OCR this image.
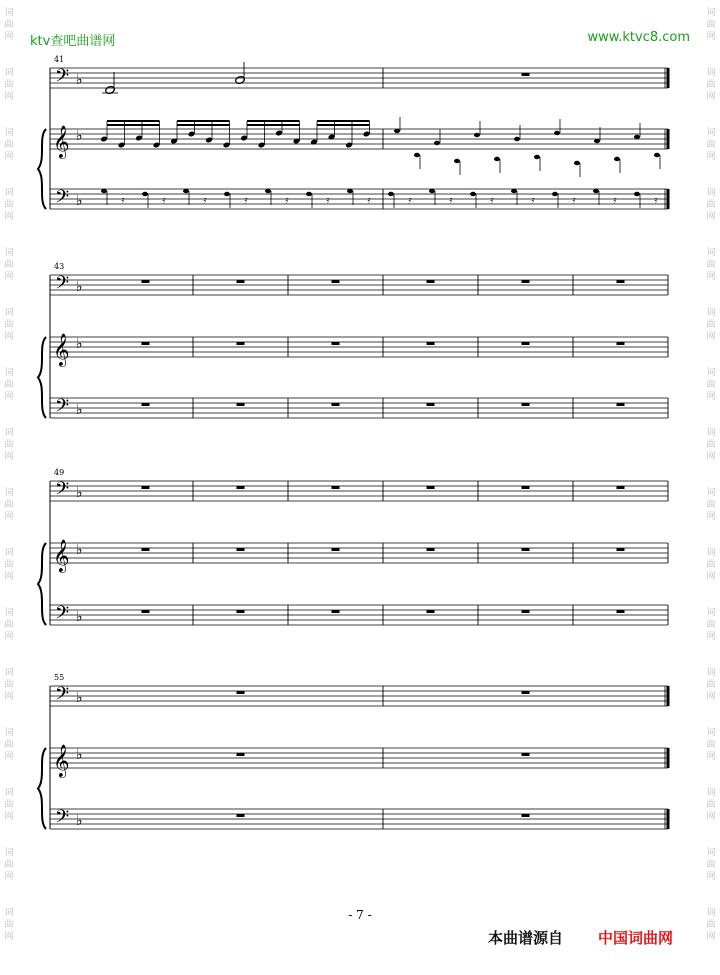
词
曲
网
词
曲
网
词
曲
网
词
曲
网
词
曲
网
词
曲
网
词
曲
网
词
曲
网
词
曲
网
词
曲
网
词
曲
网
词
曲
网
词
曲
网
词
曲
网
词
曲
网
词
曲
网
词
曲
网
词
曲
网
词
曲
网
词
曲
网
词
曲
网
词
曲
网
词
曲
网
词
曲
网
词
曲
网
词
曲
网
词
曲
网
词
曲
网
词
曲
网
词
曲
网
词
曲
网
词
曲
网
ktv查吧曲谱网	www.ktvc8.com
𝄢 ♭
𝄞 ♭
𝄢 ♭
41
𝄿	𝄿	𝄿	𝄿	𝄿	𝄿	𝄿	𝄿	𝄿	𝄿	𝄿	𝄿	𝄿	𝄿
𝄢 ♭
𝄞 ♭
𝄢 ♭
43
𝄢 ♭
𝄞 ♭
𝄢 ♭
49
𝄢 ♭
𝄞 ♭
𝄢 ♭
55
- 7 -
本曲谱源自 中国词曲网
